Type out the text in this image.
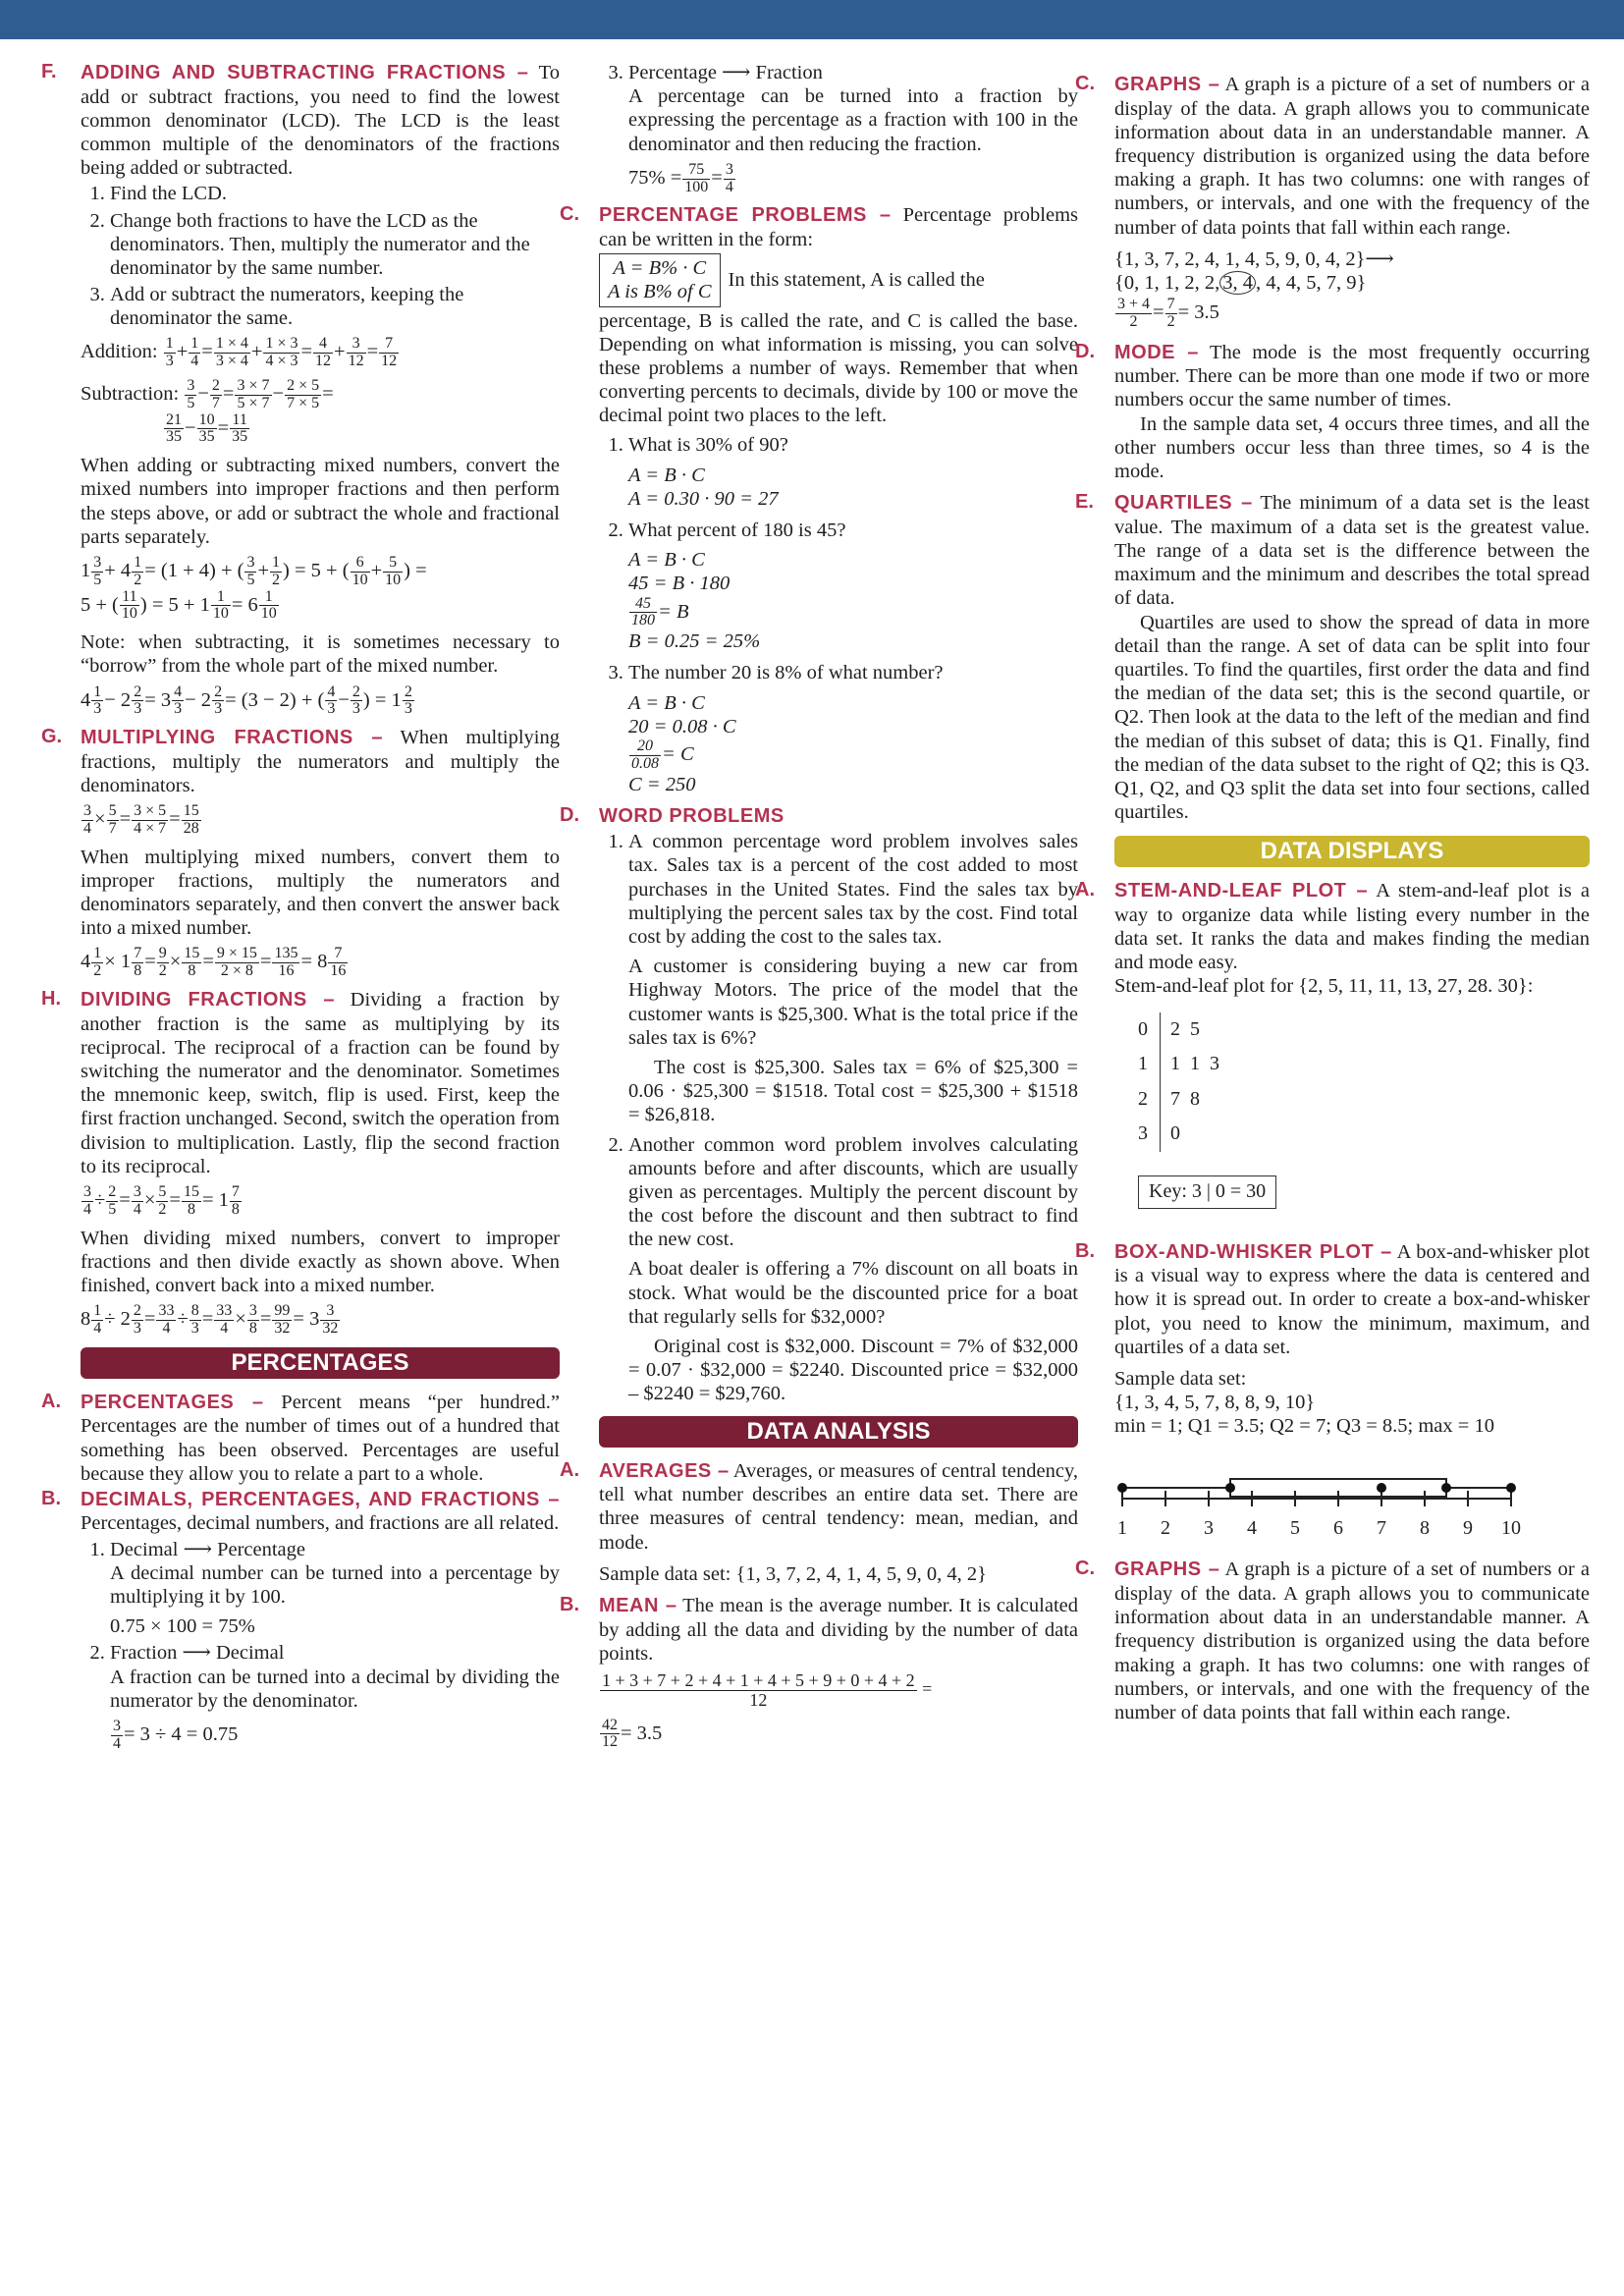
F.	ADDING AND SUBTRACTING FRACTIONS – To add or subtract fractions, you need to find the lowest common denominator (LCD). The LCD is the least common multiple of the denominators of the fractions being added or subtracted.
1. Find the LCD.
2. Change both fractions to have the LCD as the denominators. Then, multiply the numerator and the denominator by the same number.
3. Add or subtract the numerators, keeping the denominator the same.
Addition: $\frac{1}{3} + \frac{1}{4} = \frac{1 \times 4}{3 \times 4} + \frac{1 \times 3}{4 \times 3} = \frac{4}{12} + \frac{3}{12} = \frac{7}{12}$
Subtraction: $\frac{3}{5} - \frac{2}{7} = \frac{3 \times 7}{5 \times 7} - \frac{2 \times 5}{7 \times 5}$ =

$\frac{21}{35} - \frac{10}{35} = \frac{11}{35}$

When adding or subtracting mixed numbers, convert the mixed numbers into improper fractions and then perform the steps above, or add or subtract the whole and fractional parts separately.

$1 \frac{3}{5} + 4 \frac{1}{2} = (1 + 4)$ + ( $\frac{3}{5} + \frac{1}{2}$ ) = 5 + ( $\frac{6}{10} + \frac{5}{10}$ ) =
5 + ( $\frac{11}{10}$ ) = $5 + 1 \frac{1}{10} = 6 \frac{1}{10}$

Note: when subtracting, it is sometimes necessary to “borrow” from the whole part of the mixed number.

$4 \frac{1}{3} - 2 \frac{2}{3} = 3 \frac{4}{3} - 2 \frac{2}{3} = (3 - 2)$ + ( $\frac{4}{3} - \frac{2}{3}$ ) = $1 \frac{2}{3}$
G. MULTIPLYING FRACTIONS – When multiplying fractions, multiply the numerators and multiply the denominators.
$\frac{3}{4} \times \frac{5}{7} = \frac{3 \times 5}{4 \times 7} = \frac{15}{28}$

When multiplying mixed numbers, convert them to improper fractions, multiply the numerators and denominators separately, and then convert the answer back into a mixed number.

$4 \frac{1}{2} \times 1 \frac{7}{8} = \frac{9}{2} \times \frac{15}{8} = \frac{9 \times 15}{2 \times 8} = \frac{135}{16} = 8 \frac{7}{16}$
H.	DIVIDING FRACTIONS – Dividing a fraction by another fraction is the same as multiplying by its reciprocal. The reciprocal of a fraction can be found by switching the numerator and the denominator. Sometimes the mnemonic keep, switch, flip is used. First, keep the first fraction unchanged. Second, switch the operation from division to multiplication. Lastly, flip the second fraction to its reciprocal.
$\frac{3}{4} \div \frac{2}{5} = \frac{3}{4} \times \frac{5}{2} = \frac{15}{8} = 1 \frac{7}{8}$

When dividing mixed numbers, convert to improper fractions and then divide exactly as shown above. When finished, convert back into a mixed number.

$8 \frac{1}{4} \div 2 \frac{2}{3} = \frac{33}{4} \div \frac{8}{3} = \frac{33}{4} \times \frac{3}{8} = \frac{99}{32} = 3 \frac{3}{32}$
PERCENTAGES
A.	PERCENTAGES – Percent means “per hundred.” Percentages are the number of times out of a hundred that something has been observed. Percentages are useful because they allow you to relate a part to a whole.
B.	DECIMALS, PERCENTAGES, AND FRACTIONS – Percentages, decimal numbers, and fractions are all related.
1. Decimal ⟶ Percentage

A decimal number can be turned into a percentage by multiplying it by 100.

0.75 × 100 = 75%
2. Fraction ⟶ Decimal

A fraction can be turned into a decimal by dividing the numerator by the denominator.

$\frac{3}{4} = 3 \div 4 = 0.75$
3. Percentage ⟶ Fraction

A percentage can be turned into a fraction by expressing the percentage as a fraction with 100 in the denominator and then reducing the fraction.

$75\% = \frac{75}{100} = \frac{3}{4}$
C.	PERCENTAGE PROBLEMS – Percentage problems can be written in the form:
A = B% · C
A is B% of C
In this statement, A is called the

percentage, B is called the rate, and C is called the base. Depending on what information is missing, you can solve these problems a number of ways. Remember that when converting percents to decimals, divide by 100 or move the decimal point two places to the left.

1. What is 30% of 90?
A = B · C
A = 0.30 · 90 = 27
2. What percent of 180 is 45?
A = B · C
45 = B · 180
$\frac{45}{180} = B$
B = 0.25 = 25%
3. The number 20 is 8% of what number?
A = B · C
20 = 0.08 · C
$\frac{20}{0.08} = C$
C = 250
D.	WORD PROBLEMS

1. A common percentage word problem involves sales tax. Sales tax is a percent of the cost added to most purchases in the United States. Find the sales tax by multiplying the percent sales tax by the cost. Find total cost by adding the cost to the sales tax.

A customer is considering buying a new car from Highway Motors. The price of the model that the customer wants is $25,300. What is the total price if the sales tax is 6%?

The cost is $25,300. Sales tax = 6% of $25,300 = 0.06 · $25,300 = $1518. Total cost = $25,300 + $1518 = $26,818.

2. Another common word problem involves calculating amounts before and after discounts, which are usually given as percentages. Multiply the percent discount by the cost before the discount and then subtract to find the new cost.

A boat dealer is offering a 7% discount on all boats in stock. What would be the discounted price for a boat that regularly sells for $32,000?

Original cost is $32,000. Discount = 7% of $32,000 = 0.07 · $32,000 = $2240. Discounted price = $32,000 – $2240 = $29,760.

DATA ANALYSIS
A.	AVERAGES – Averages, or measures of central tendency, tell what number describes an entire data set. There are three measures of central tendency: mean, median, and mode.

Sample data set: {1, 3, 7, 2, 4, 1, 4, 5, 9, 0, 4, 2}

B.	MEAN – The mean is the average number. It is calculated by adding all the data and dividing by the number of data points.
$\frac{1 + 3 + 7 + 2 + 4 + 1 + 4 + 5 + 9 + 0 + 4 + 2}{12}$ =
$\frac{42}{12} = 3.5$
C.	GRAPHS – A graph is a picture of a set of numbers or a display of the data. A graph allows you to communicate information about data in an understandable manner. A frequency distribution is organized using the data before making a graph. It has two columns: one with ranges of numbers, or intervals, and one with the frequency of the number of data points that fall within each range.
{1, 3, 7, 2, 4, 1, 4, 5, 9, 0, 4, 2}⟶
{0, 1, 1, 2, 2, 3, 4 , 4, 4, 5, 7, 9}
$\frac{3 + 4}{2} = \frac{7}{2} = 3.5$
D.	MODE – The mode is the most frequently occurring number. There can be more than one mode if two or more numbers occur the same number of times.

In the sample data set, 4 occurs three times, and all the other numbers occur less than three times, so 4 is the mode.

E.	QUARTILES – The minimum of a data set is the least value. The maximum of a data set is the greatest value. The range of a data set is the difference between the maximum and the minimum and describes the total spread of data.

Quartiles are used to show the spread of data in more detail than the range. A set of data can be split into four quartiles. To find the quartiles, first order the data and find the median of the data set; this is the second quartile, or Q2. Then look at the data to the left of the median and find the median of this subset of data; this is Q1. Finally, find the median of the data subset to the right of Q2; this is Q3. Q1, Q2, and Q3 split the data set into four sections, called quartiles.

DATA DISPLAYS
A.	STEM-AND-LEAF PLOT – A stem-and-leaf plot is a way to organize data while listing every number in the data set. It ranks the data and makes finding the median and mode easy.
Stem-and-leaf plot for {2, 5, 11, 11, 13, 27, 28. 30}:
0	2  5
1	1  1  3
2	7  8
3	0
Key: 3 | 0 = 30
B.	BOX-AND-WHISKER PLOT – A box-and-whisker plot is a visual way to express where the data is centered and how it is spread out. In order to create a box-and-whisker plot, you need to know the minimum, maximum, and quartiles of a data set.
Sample data set:
{1, 3, 4, 5, 7, 8, 8, 9, 10}
min = 1; Q1 = 3.5; Q2 = 7; Q3 = 8.5; max = 10
1 2 3 4 5 6 7 8 9 10
C.	GRAPHS – A graph is a picture of a set of numbers or a display of the data. A graph allows you to communicate information about data in an understandable manner. A frequency distribution is organized using the data before making a graph. It has two columns: one with ranges of numbers, or intervals, and one with the frequency of the number of data points that fall within each range.
